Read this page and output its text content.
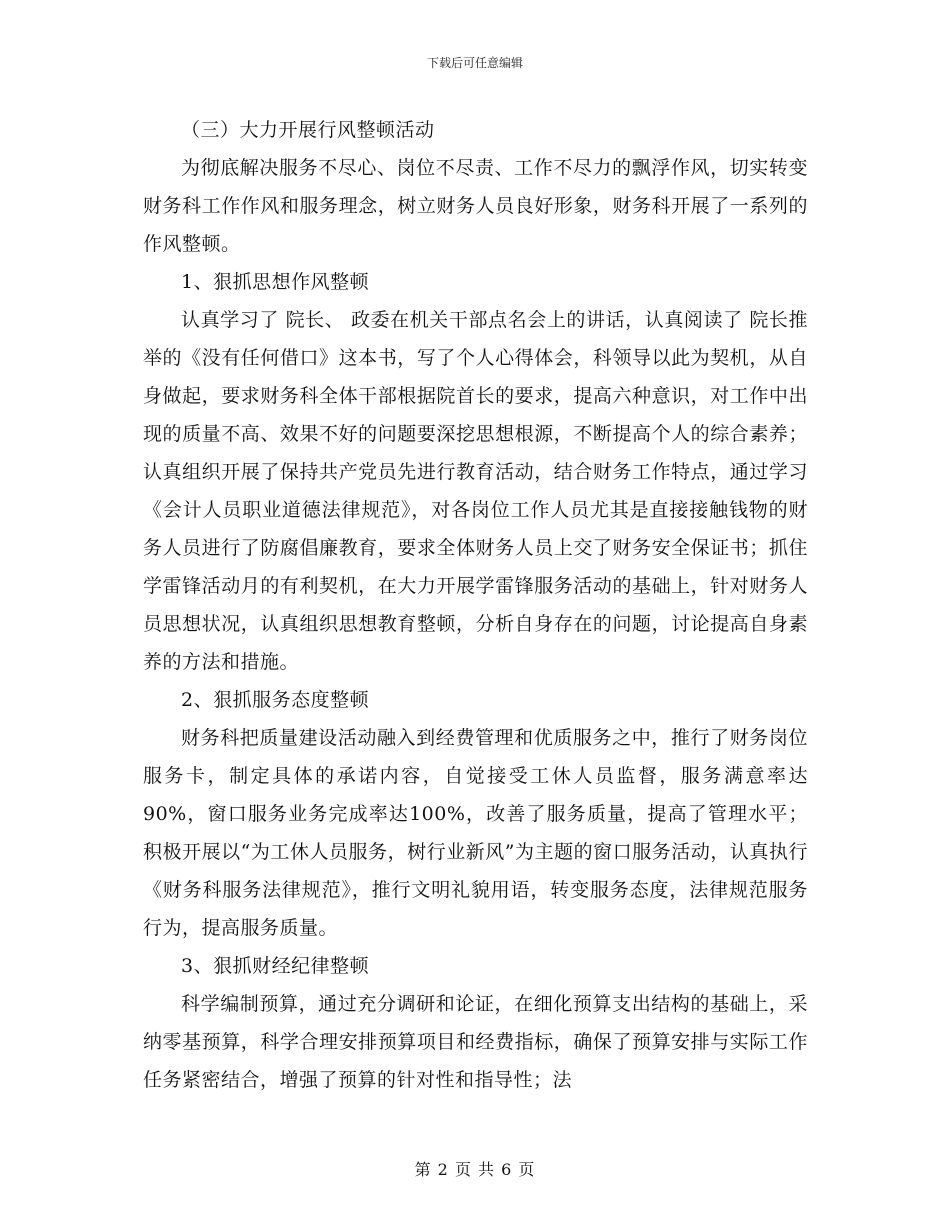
下载后可任意编辑

（三）大力开展行风整顿活动

为彻底解决服务不尽心、岗位不尽责、工作不尽力的飘浮作风，切实转变财务科工作作风和服务理念，树立财务人员良好形象，财务科开展了一系列的作风整顿。

1、狠抓思想作风整顿

认真学习了 院长、 政委在机关干部点名会上的讲话，认真阅读了 院长推举的《没有任何借口》这本书，写了个人心得体会，科领导以此为契机，从自身做起，要求财务科全体干部根据院首长的要求，提高六种意识，对工作中出现的质量不高、效果不好的问题要深挖思想根源，不断提高个人的综合素养；认真组织开展了保持共产党员先进行教育活动，结合财务工作特点，通过学习《会计人员职业道德法律规范》，对各岗位工作人员尤其是直接接触钱物的财务人员进行了防腐倡廉教育，要求全体财务人员上交了财务安全保证书；抓住学雷锋活动月的有利契机，在大力开展学雷锋服务活动的基础上，针对财务人员思想状况，认真组织思想教育整顿，分析自身存在的问题，讨论提高自身素养的方法和措施。

2、狠抓服务态度整顿

财务科把质量建设活动融入到经费管理和优质服务之中，推行了财务岗位服务卡，制定具体的承诺内容，自觉接受工休人员监督，服务满意率达90%，窗口服务业务完成率达100%，改善了服务质量，提高了管理水平；积极开展以“为工休人员服务，树行业新风”为主题的窗口服务活动，认真执行《财务科服务法律规范》，推行文明礼貌用语，转变服务态度，法律规范服务行为，提高服务质量。

3、狠抓财经纪律整顿

科学编制预算，通过充分调研和论证，在细化预算支出结构的基础上，采纳零基预算，科学合理安排预算项目和经费指标，确保了预算安排与实际工作任务紧密结合，增强了预算的针对性和指导性；法

第 2 页 共 6 页
